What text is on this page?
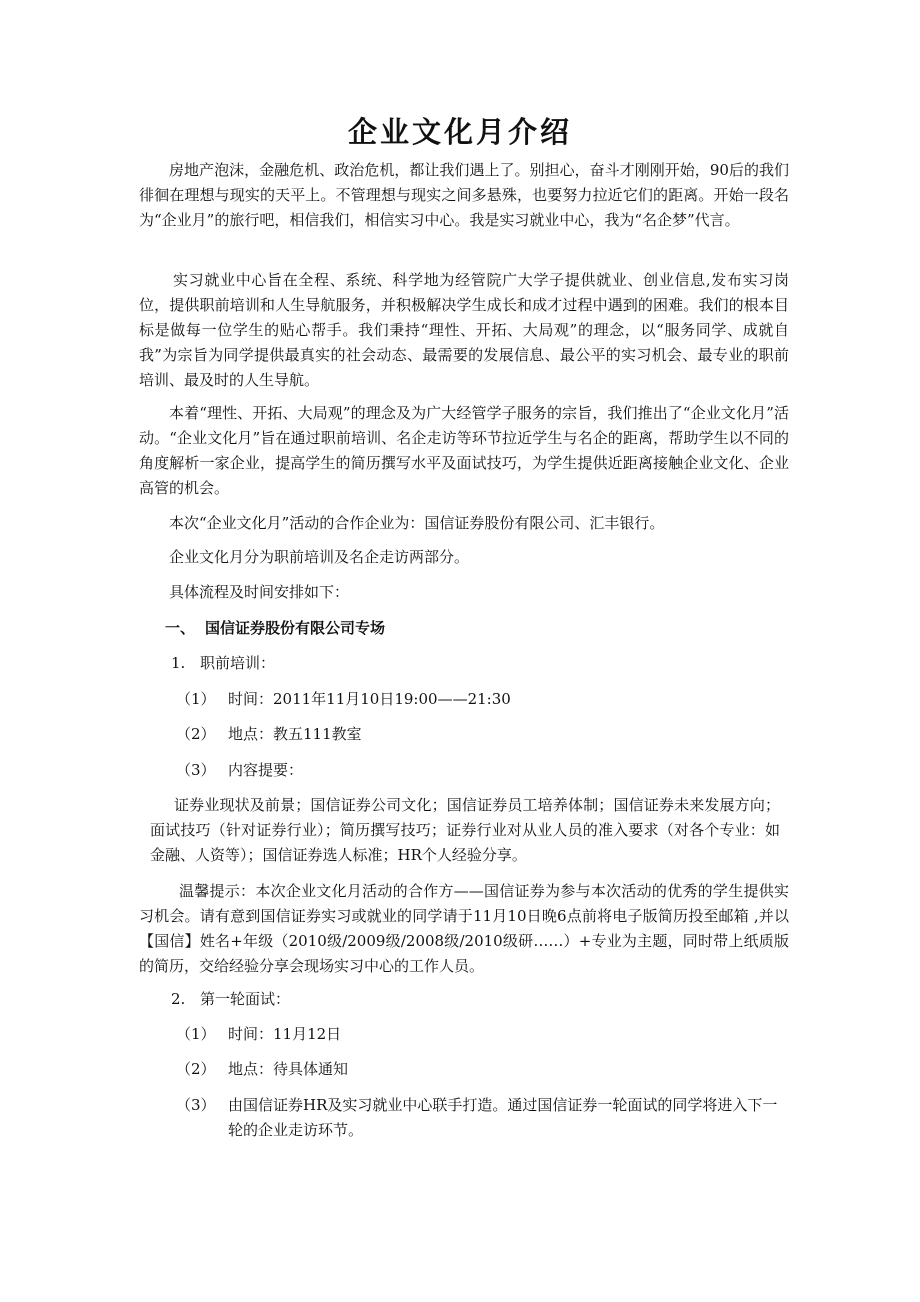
企业文化月介绍

房地产泡沫，金融危机、政治危机，都让我们遇上了。别担心，奋斗才刚刚开始，90后的我们徘徊在理想与现实的天平上。不管理想与现实之间多悬殊，也要努力拉近它们的距离。开始一段名为“企业月”的旅行吧，相信我们，相信实习中心。我是实习就业中心，我为“名企梦”代言。

实习就业中心旨在全程、系统、科学地为经管院广大学子提供就业、创业信息,发布实习岗位，提供职前培训和人生导航服务，并积极解决学生成长和成才过程中遇到的困难。我们的根本目标是做每一位学生的贴心帮手。我们秉持“理性、开拓、大局观”的理念，以“服务同学、成就自我”为宗旨为同学提供最真实的社会动态、最需要的发展信息、最公平的实习机会、最专业的职前培训、最及时的人生导航。

本着“理性、开拓、大局观”的理念及为广大经管学子服务的宗旨，我们推出了“企业文化月”活动。“企业文化月”旨在通过职前培训、名企走访等环节拉近学生与名企的距离，帮助学生以不同的角度解析一家企业，提高学生的简历撰写水平及面试技巧，为学生提供近距离接触企业文化、企业高管的机会。

本次“企业文化月”活动的合作企业为：国信证券股份有限公司、汇丰银行。

企业文化月分为职前培训及名企走访两部分。

具体流程及时间安排如下：

一、 国信证券股份有限公司专场
1. 职前培训：
（1） 时间：2011年11月10日19:00——21:30
（2） 地点：教五111教室
（3） 内容提要：

证券业现状及前景；国信证券公司文化；国信证券员工培养体制；国信证券未来发展方向；面试技巧（针对证券行业）；简历撰写技巧；证券行业对从业人员的准入要求（对各个专业：如金融、人资等）；国信证券选人标准；HR个人经验分享。

温馨提示：本次企业文化月活动的合作方——国信证券为参与本次活动的优秀的学生提供实习机会。请有意到国信证券实习或就业的同学请于11月10日晚6点前将电子版简历投至邮箱 ,并以【国信】姓名+年级（2010级/2009级/2008级/2010级研……）+专业为主题，同时带上纸质版的简历，交给经验分享会现场实习中心的工作人员。

2. 第一轮面试：
（1） 时间：11月12日
（2） 地点：待具体通知
（3） 由国信证券HR及实习就业中心联手打造。通过国信证券一轮面试的同学将进入下一轮的企业走访环节。
